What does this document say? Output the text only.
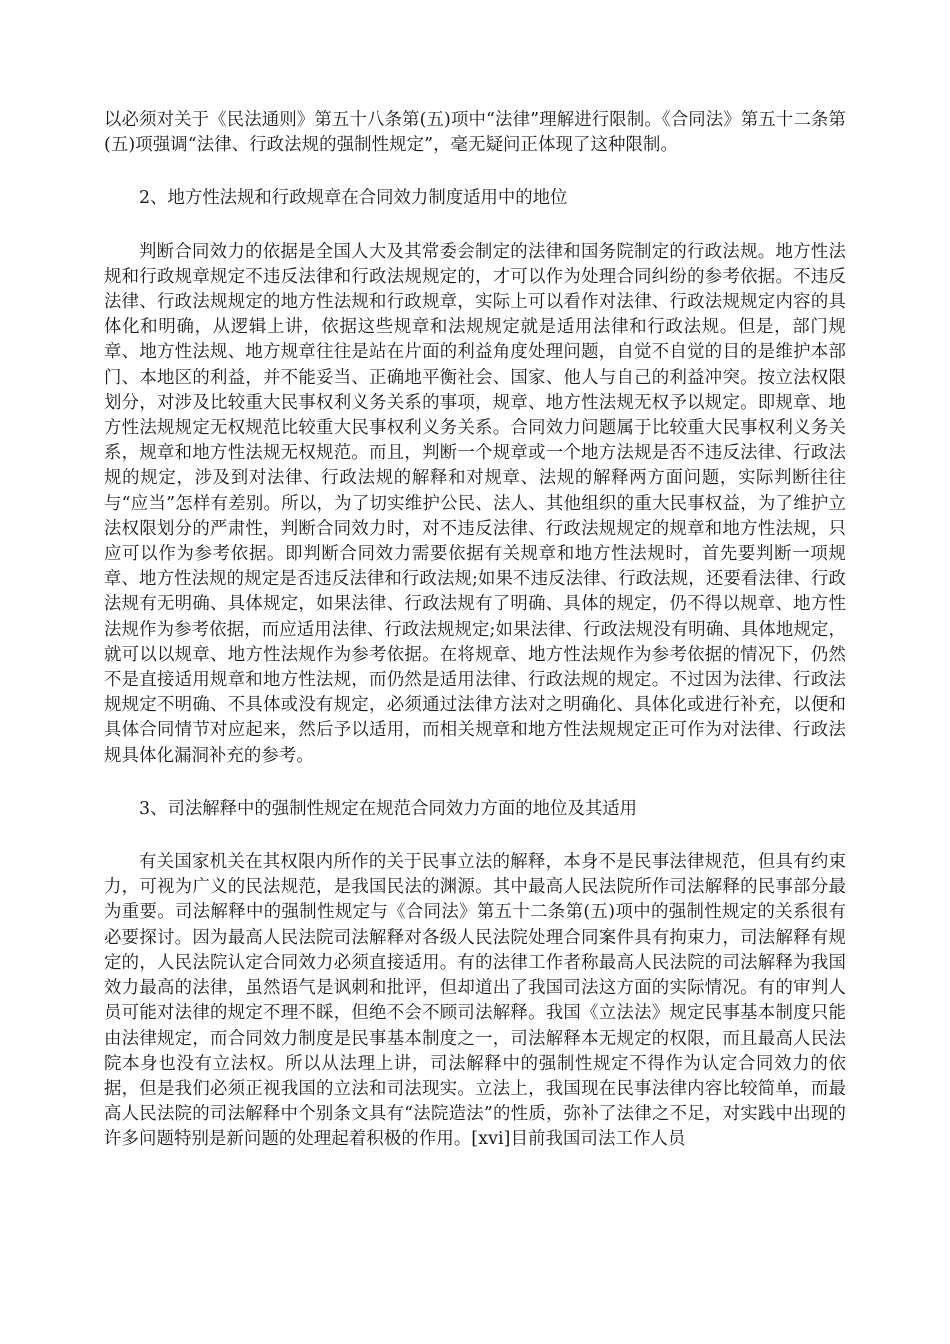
以必须对关于《民法通则》第五十八条第(五)项中“法律”理解进行限制。《合同法》第五十二条第(五)项强调“法律、行政法规的强制性规定”，毫无疑问正体现了这种限制。

2、地方性法规和行政规章在合同效力制度适用中的地位

判断合同效力的依据是全国人大及其常委会制定的法律和国务院制定的行政法规。地方性法规和行政规章规定不违反法律和行政法规规定的，才可以作为处理合同纠纷的参考依据。不违反法律、行政法规规定的地方性法规和行政规章，实际上可以看作对法律、行政法规规定内容的具体化和明确，从逻辑上讲，依据这些规章和法规规定就是适用法律和行政法规。但是，部门规章、地方性法规、地方规章往往是站在片面的利益角度处理问题，自觉不自觉的目的是维护本部门、本地区的利益，并不能妥当、正确地平衡社会、国家、他人与自己的利益冲突。按立法权限划分，对涉及比较重大民事权利义务关系的事项，规章、地方性法规无权予以规定。即规章、地方性法规规定无权规范比较重大民事权利义务关系。合同效力问题属于比较重大民事权利义务关系，规章和地方性法规无权规范。而且，判断一个规章或一个地方法规是否不违反法律、行政法规的规定，涉及到对法律、行政法规的解释和对规章、法规的解释两方面问题，实际判断往往与“应当”怎样有差别。所以，为了切实维护公民、法人、其他组织的重大民事权益，为了维护立法权限划分的严肃性，判断合同效力时，对不违反法律、行政法规规定的规章和地方性法规，只应可以作为参考依据。即判断合同效力需要依据有关规章和地方性法规时，首先要判断一项规章、地方性法规的规定是否违反法律和行政法规;如果不违反法律、行政法规，还要看法律、行政法规有无明确、具体规定，如果法律、行政法规有了明确、具体的规定，仍不得以规章、地方性法规作为参考依据，而应适用法律、行政法规规定;如果法律、行政法规没有明确、具体地规定，就可以以规章、地方性法规作为参考依据。在将规章、地方性法规作为参考依据的情况下，仍然不是直接适用规章和地方性法规，而仍然是适用法律、行政法规的规定。不过因为法律、行政法规规定不明确、不具体或没有规定，必须通过法律方法对之明确化、具体化或进行补充，以便和具体合同情节对应起来，然后予以适用，而相关规章和地方性法规规定正可作为对法律、行政法规具体化漏洞补充的参考。

3、司法解释中的强制性规定在规范合同效力方面的地位及其适用

有关国家机关在其权限内所作的关于民事立法的解释，本身不是民事法律规范，但具有约束力，可视为广义的民法规范，是我国民法的渊源。其中最高人民法院所作司法解释的民事部分最为重要。司法解释中的强制性规定与《合同法》第五十二条第(五)项中的强制性规定的关系很有必要探讨。因为最高人民法院司法解释对各级人民法院处理合同案件具有拘束力，司法解释有规定的，人民法院认定合同效力必须直接适用。有的法律工作者称最高人民法院的司法解释为我国效力最高的法律，虽然语气是讽刺和批评，但却道出了我国司法这方面的实际情况。有的审判人员可能对法律的规定不理不睬，但绝不会不顾司法解释。我国《立法法》规定民事基本制度只能由法律规定，而合同效力制度是民事基本制度之一，司法解释本无规定的权限，而且最高人民法院本身也没有立法权。所以从法理上讲，司法解释中的强制性规定不得作为认定合同效力的依据，但是我们必须正视我国的立法和司法现实。立法上，我国现在民事法律内容比较简单，而最高人民法院的司法解释中个别条文具有“法院造法”的性质，弥补了法律之不足，对实践中出现的许多问题特别是新问题的处理起着积极的作用。[xvi]目前我国司法工作人员
